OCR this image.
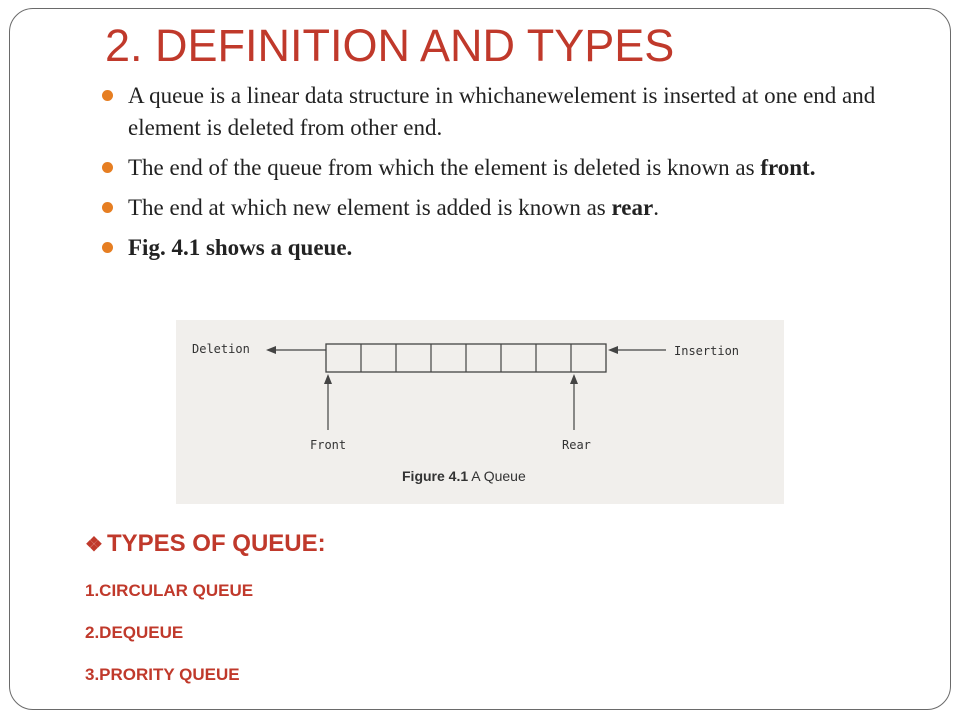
2. DEFINITION AND TYPES
A queue is a linear data structure in whichanewelement is inserted at one end and element is deleted from other end.
The end of the queue from which the element is deleted is known as front.
The end at which new element is added is known as rear.
Fig. 4.1 shows a queue.
Deletion	Insertion
Front	Rear
Figure 4.1 A Queue
❖ TYPES OF QUEUE:
1.CIRCULAR QUEUE
2.DEQUEUE
3.PRORITY QUEUE
